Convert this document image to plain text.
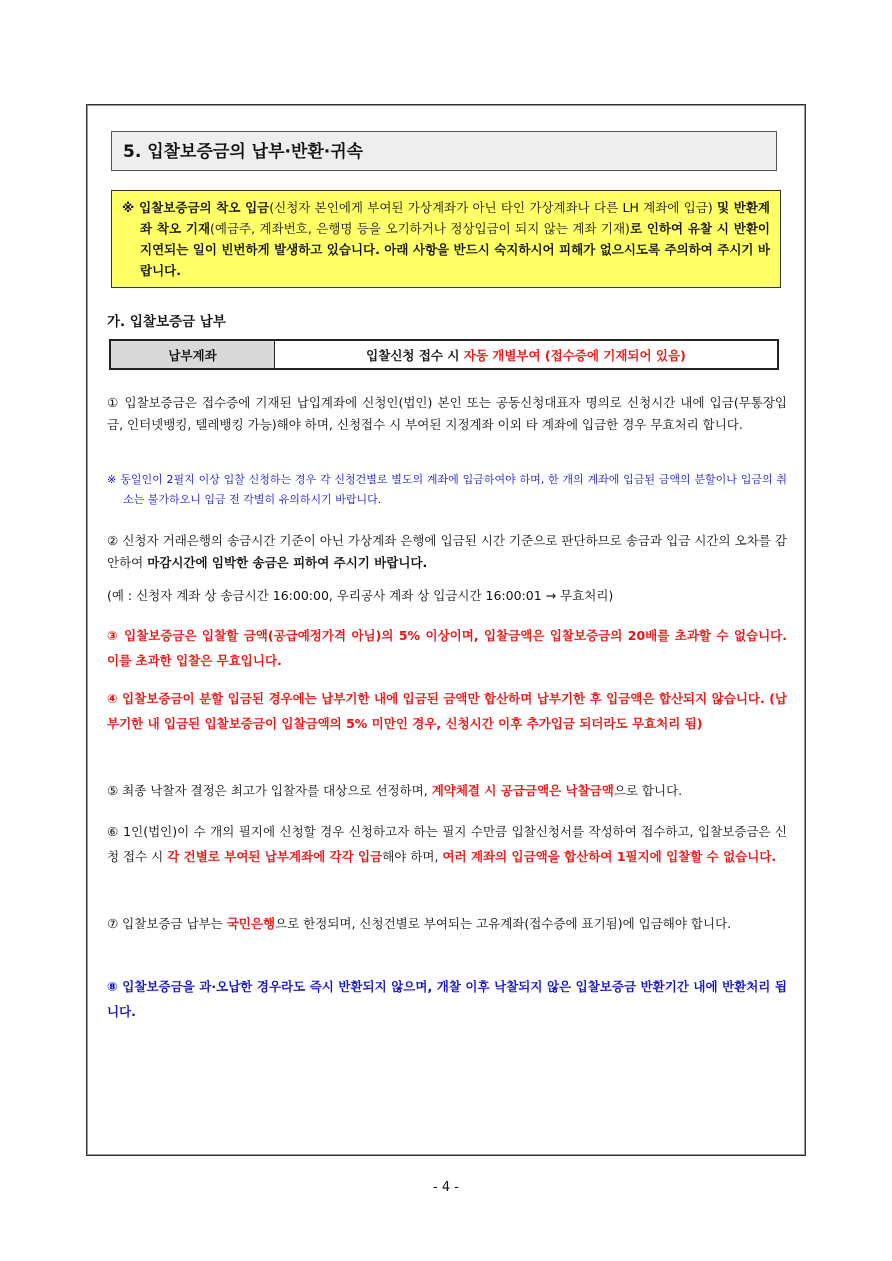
5. 입찰보증금의 납부·반환·귀속
※ 입찰보증금의 착오 입금(신청자 본인에게 부여된 가상계좌가 아닌 타인 가상계좌나 다른 LH 계좌에 입금) 및 반환계좌 착오 기재(예금주, 계좌번호, 은행명 등을 오기하거나 정상입금이 되지 않는 계좌 기재)로 인하여 유찰 시 반환이 지연되는 일이 빈번하게 발생하고 있습니다. 아래 사항을 반드시 숙지하시어 피해가 없으시도록 주의하여 주시기 바랍니다.
가. 입찰보증금 납부
납부계좌	입찰신청 접수 시 자동 개별부여 (접수증에 기재되어 있음)
① 입찰보증금은 접수증에 기재된 납입계좌에 신청인(법인) 본인 또는 공동신청대표자 명의로 신청시간 내에 입금(무통장입금, 인터넷뱅킹, 텔레뱅킹 가능)해야 하며, 신청접수 시 부여된 지정계좌 이외 타 계좌에 입금한 경우 무효처리 합니다.
※ 동일인이 2필지 이상 입찰 신청하는 경우 각 신청건별로 별도의 계좌에 입금하여야 하며, 한 개의 계좌에 입금된 금액의 분할이나 입금의 취소는 불가하오니 입금 전 각별히 유의하시기 바랍니다.
② 신청자 거래은행의 송금시간 기준이 아닌 가상계좌 은행에 입금된 시간 기준으로 판단하므로 송금과 입금 시간의 오차를 감안하여 마감시간에 임박한 송금은 피하여 주시기 바랍니다.
(예 : 신청자 계좌 상 송금시간 16:00:00, 우리공사 계좌 상 입금시간 16:00:01 → 무효처리)
③ 입찰보증금은 입찰할 금액(공급예정가격 아님)의 5% 이상이며, 입찰금액은 입찰보증금의 20배를 초과할 수 없습니다. 이를 초과한 입찰은 무효입니다.
④ 입찰보증금이 분할 입금된 경우에는 납부기한 내에 입금된 금액만 합산하며 납부기한 후 입금액은 합산되지 않습니다. (납부기한 내 입금된 입찰보증금이 입찰금액의 5% 미만인 경우, 신청시간 이후 추가입금 되더라도 무효처리 됨)
⑤ 최종 낙찰자 결정은 최고가 입찰자를 대상으로 선정하며, 계약체결 시 공급금액은 낙찰금액으로 합니다.
⑥ 1인(법인)이 수 개의 필지에 신청할 경우 신청하고자 하는 필지 수만큼 입찰신청서를 작성하여 접수하고, 입찰보증금은 신청 접수 시 각 건별로 부여된 납부계좌에 각각 입금해야 하며, 여러 계좌의 입금액을 합산하여 1필지에 입찰할 수 없습니다.
⑦ 입찰보증금 납부는 국민은행으로 한정되며, 신청건별로 부여되는 고유계좌(접수증에 표기됨)에 입금해야 합니다.
⑧ 입찰보증금을 과·오납한 경우라도 즉시 반환되지 않으며, 개찰 이후 낙찰되지 않은 입찰보증금 반환기간 내에 반환처리 됩니다.
- 4 -
